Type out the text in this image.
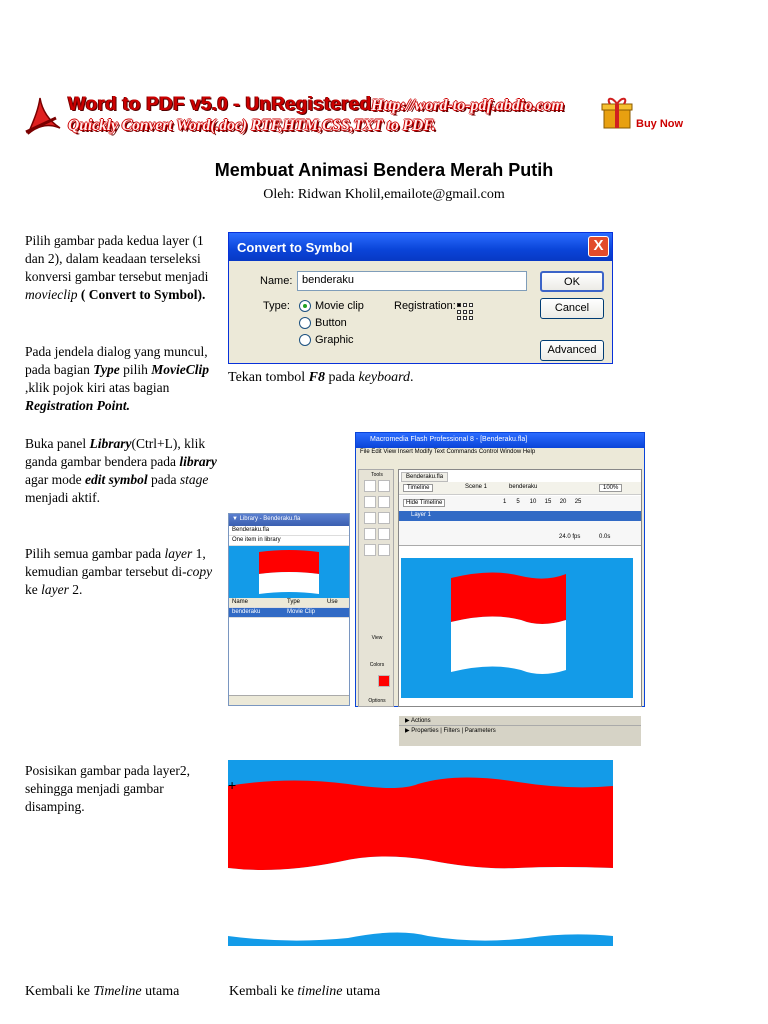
Word to PDF v5.0 - UnRegistered Http://word-to-pdf.abdio.com
Quickly Convert Word(.doc) RTF,HTM,CSS,TXT to PDF.	Buy Now
Membuat Animasi Bendera Merah Putih
Oleh: Ridwan Kholil,emailote@gmail.com
Pilih gambar pada kedua layer (1 dan 2), dalam keadaan terseleksi konversi gambar tersebut menjadi movieclip ( Convert to Symbol).
Pada jendela dialog yang muncul, pada bagian Type pilih MovieClip ,klik pojok kiri atas bagian Registration Point.
Convert to Symbol	X
Name: benderaku
Type: Movie clip
Button
Graphic
Registration:
OK
Cancel
Advanced
Tekan tombol F8 pada keyboard.
Buka panel Library(Ctrl+L), klik ganda gambar bendera pada library agar mode edit symbol pada stage menjadi aktif.
Pilih semua gambar pada layer 1, kemudian gambar tersebut di-copy ke layer 2.
▼ Library - Benderaku.fla
Benderaku.fla
One item in library
Name	Type	Use
benderaku	Movie Clip
Macromedia Flash Professional 8 - [Benderaku.fla]
File Edit View Insert Modify Text Commands Control Window Help
Tools
View
Colors
Options
Benderaku.fla
Timeline	Scene 1	benderaku	100%
Hide Timeline	1      5      10     15     20     25
Layer 1
24.0 fps	0.0s
▶ Actions
▶ Properties | Filters | Parameters
Posisikan gambar pada layer2, sehingga menjadi gambar disamping.
+
Kembali ke Timeline utama	Kembali ke timeline utama
